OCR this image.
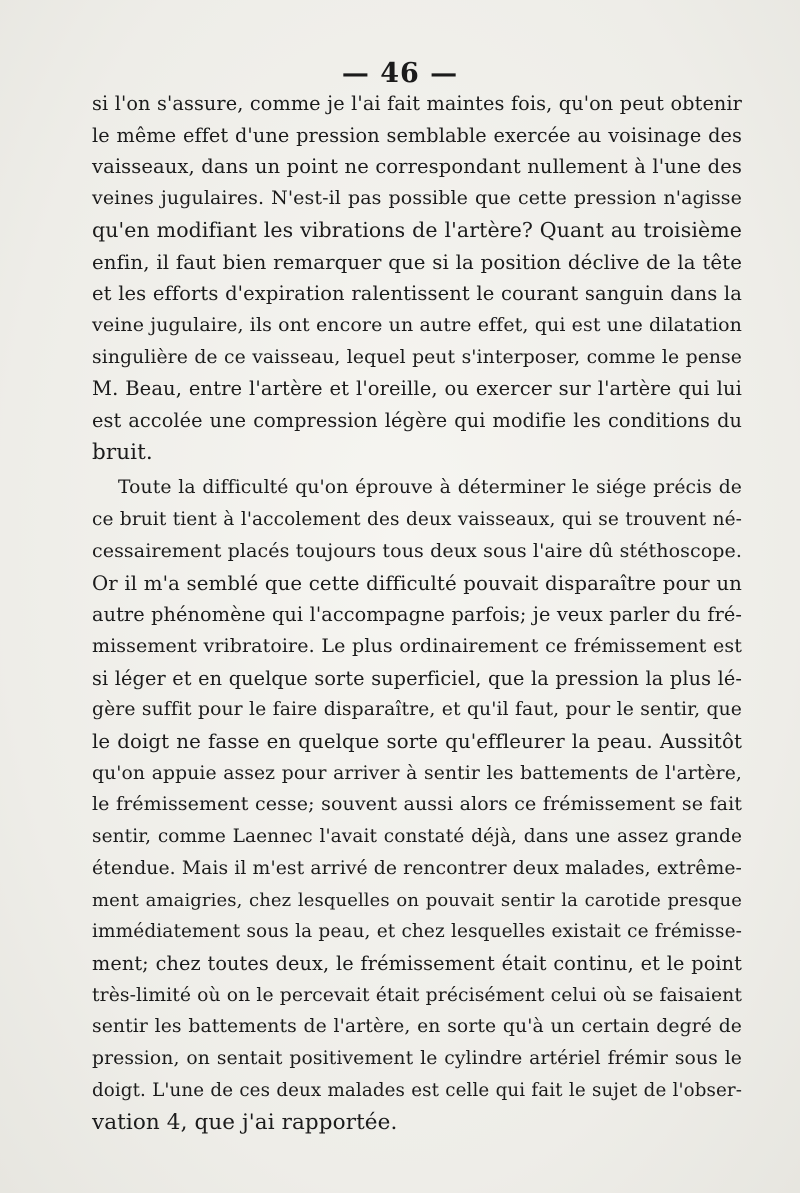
— 46 —
si l'on s'assure, comme je l'ai fait maintes fois, qu'on peut obtenir
le même effet d'une pression semblable exercée au voisinage des
vaisseaux, dans un point ne correspondant nullement à l'une des
veines jugulaires. N'est-il pas possible que cette pression n'agisse
qu'en modifiant les vibrations de l'artère? Quant au troisième
enfin, il faut bien remarquer que si la position déclive de la tête
et les efforts d'expiration ralentissent le courant sanguin dans la
veine jugulaire, ils ont encore un autre effet, qui est une dilatation
singulière de ce vaisseau, lequel peut s'interposer, comme le pense
M. Beau, entre l'artère et l'oreille, ou exercer sur l'artère qui lui
est accolée une compression légère qui modifie les conditions du
bruit.
Toute la difficulté qu'on éprouve à déterminer le siége précis de
ce bruit tient à l'accolement des deux vaisseaux, qui se trouvent né-
cessairement placés toujours tous deux sous l'aire dû stéthoscope.
Or il m'a semblé que cette difficulté pouvait disparaître pour un
autre phénomène qui l'accompagne parfois; je veux parler du fré-
missement vribratoire. Le plus ordinairement ce frémissement est
si léger et en quelque sorte superficiel, que la pression la plus lé-
gère suffit pour le faire disparaître, et qu'il faut, pour le sentir, que
le doigt ne fasse en quelque sorte qu'effleurer la peau. Aussitôt
qu'on appuie assez pour arriver à sentir les battements de l'artère,
le frémissement cesse; souvent aussi alors ce frémissement se fait
sentir, comme Laennec l'avait constaté déjà, dans une assez grande
étendue. Mais il m'est arrivé de rencontrer deux malades, extrême-
ment amaigries, chez lesquelles on pouvait sentir la carotide presque
immédiatement sous la peau, et chez lesquelles existait ce frémisse-
ment; chez toutes deux, le frémissement était continu, et le point
très-limité où on le percevait était précisément celui où se faisaient
sentir les battements de l'artère, en sorte qu'à un certain degré de
pression, on sentait positivement le cylindre artériel frémir sous le
doigt. L'une de ces deux malades est celle qui fait le sujet de l'obser-
vation 4, que j'ai rapportée.
